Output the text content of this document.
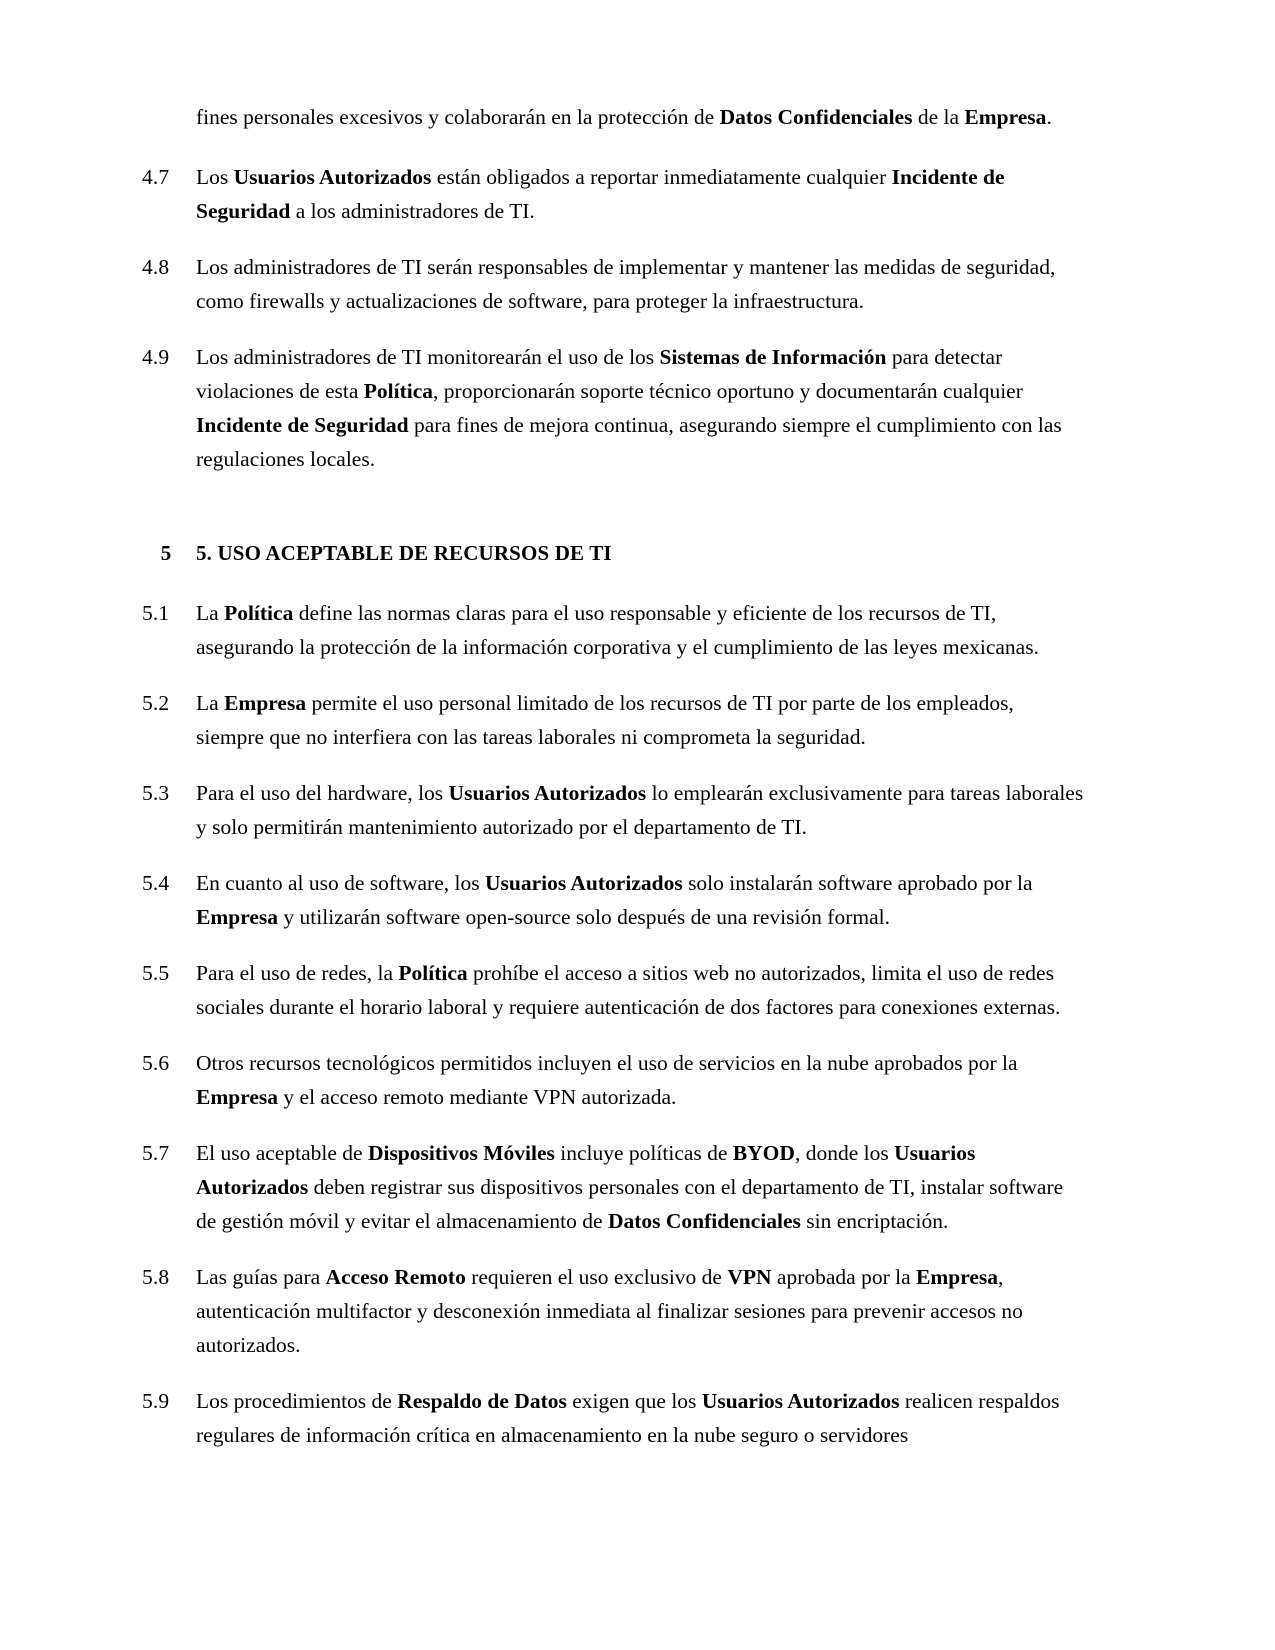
fines personales excesivos y colaborarán en la protección de Datos Confidenciales de la Empresa.
4.7	Los Usuarios Autorizados están obligados a reportar inmediatamente cualquier Incidente de Seguridad a los administradores de TI.
4.8	Los administradores de TI serán responsables de implementar y mantener las medidas de seguridad, como firewalls y actualizaciones de software, para proteger la infraestructura.
4.9	Los administradores de TI monitorearán el uso de los Sistemas de Información para detectar violaciones de esta Política, proporcionarán soporte técnico oportuno y documentarán cualquier Incidente de Seguridad para fines de mejora continua, asegurando siempre el cumplimiento con las regulaciones locales.
5	5. USO ACEPTABLE DE RECURSOS DE TI
5.1	La Política define las normas claras para el uso responsable y eficiente de los recursos de TI, asegurando la protección de la información corporativa y el cumplimiento de las leyes mexicanas.
5.2	La Empresa permite el uso personal limitado de los recursos de TI por parte de los empleados, siempre que no interfiera con las tareas laborales ni comprometa la seguridad.
5.3	Para el uso del hardware, los Usuarios Autorizados lo emplearán exclusivamente para tareas laborales y solo permitirán mantenimiento autorizado por el departamento de TI.
5.4	En cuanto al uso de software, los Usuarios Autorizados solo instalarán software aprobado por la Empresa y utilizarán software open-source solo después de una revisión formal.
5.5	Para el uso de redes, la Política prohíbe el acceso a sitios web no autorizados, limita el uso de redes sociales durante el horario laboral y requiere autenticación de dos factores para conexiones externas.
5.6	Otros recursos tecnológicos permitidos incluyen el uso de servicios en la nube aprobados por la Empresa y el acceso remoto mediante VPN autorizada.
5.7	El uso aceptable de Dispositivos Móviles incluye políticas de BYOD, donde los Usuarios Autorizados deben registrar sus dispositivos personales con el departamento de TI, instalar software de gestión móvil y evitar el almacenamiento de Datos Confidenciales sin encriptación.
5.8	Las guías para Acceso Remoto requieren el uso exclusivo de VPN aprobada por la Empresa, autenticación multifactor y desconexión inmediata al finalizar sesiones para prevenir accesos no autorizados.
5.9	Los procedimientos de Respaldo de Datos exigen que los Usuarios Autorizados realicen respaldos regulares de información crítica en almacenamiento en la nube seguro o servidores
